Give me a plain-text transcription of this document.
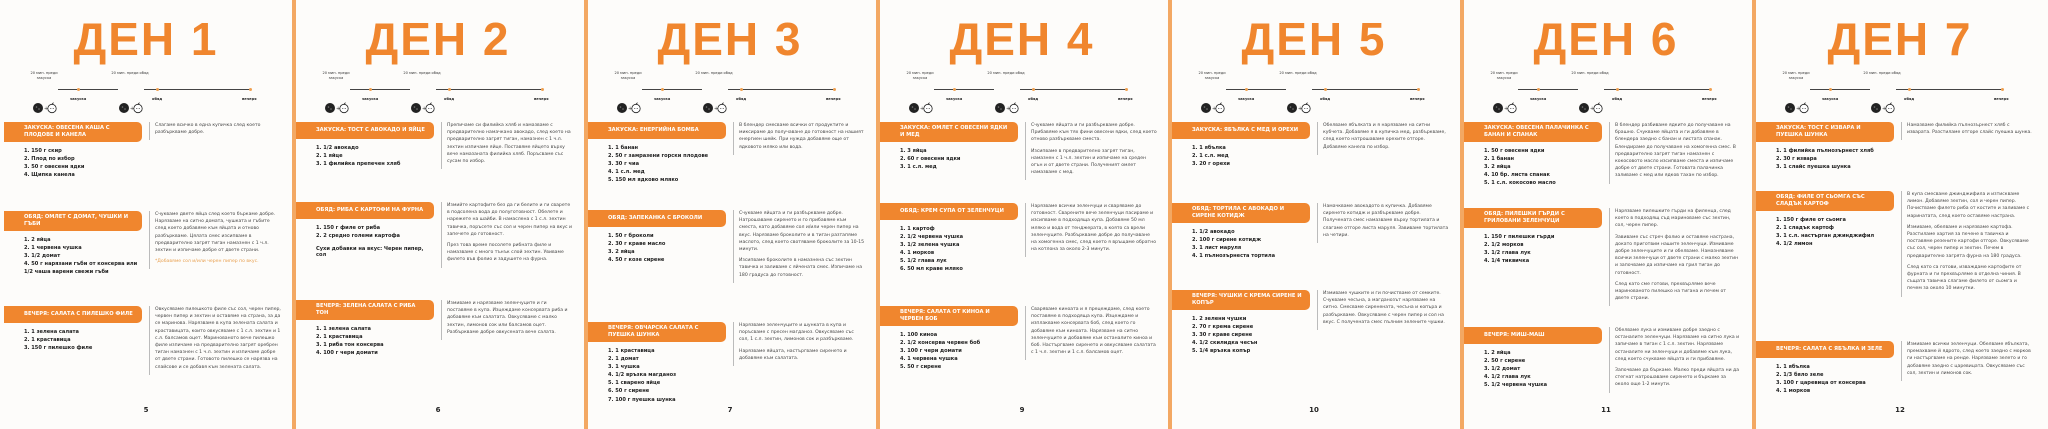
ДЕН 1
20 мин. преди закуска
20 мин. преди обяд
+	+
закуска	обяд	вечеря
ЗАКУСКА: ОВЕСЕНА КАША С ПЛОДОВЕ И КАНЕЛА
1. 150 г скир
2. Плод по избор
3. 50 г овесени ядки
4. Щипка канела

Слагаме всичко в една купичка след което разбъркваме добре.

ОБЯД: ОМЛЕТ С ДОМАТ, ЧУШКИ И ГЪБИ
1. 2 яйца
2. 1 червена чушка
3. 1/2 домат
4. 50 г нарязани гъби от консерва или 1/2 чаша варени свежи гъби

Счукваме двете яйца след което бъркаме добре. Нарязваме на ситно домата, чушката и гъбите след което добавяме към яйцата и отново разбъркваме. Цялата смес изсипваме в предварително загрят тиган намазнен с 1 ч.л. зехтин и изпичаме добре от двете страни.

*Добавяме сол и/или черен пипер по вкус.

ВЕЧЕРЯ: САЛАТА С ПИЛЕШКО ФИЛЕ
1. 1 зелена салата
2. 1 краставица
3. 150 г пилешко филе

Овкусяваме пилешкото филе със сол, черен пипер, червен пипер и зехтин и оставяме на страна, за да се маринова. Нарязваме в купа зелената салата и краставицата, които овкусяваме с 1 с.л. зехтин и 1 с.л. балсамов оцет. Маринованото вече пилешко филе изпичаме на предварително загрят оребрен тиган намазнен с 1 ч.л. зехтин и изпичаме добре от двете страни. Готовото пилешко се нарязва на слайсове и се добавя към зелената салата.

5
ДЕН 2
20 мин. преди закуска
20 мин. преди обяд
+	+
закуска	обяд	вечеря
ЗАКУСКА: ТОСТ С АВОКАДО И ЯЙЦЕ
1. 1/2 авокадо
2. 1 яйце
3. 1 филийка препечен хляб

Препичаме си филийка хляб и намазваме с предварително намачкано авокадо, след което на предварително загрят тиган, намазнен с 1 ч.л. зехтин изпичаме яйце. Поставяме яйцето върху вече намазаната филийка хляб. Поръсваме със сусам по избор.

ОБЯД: РИБА С КАРТОФИ НА ФУРНА
1. 150 г филе от риба
2. 2 средно големи картофа
Сухи добавки на вкус: Черен пипер, сол

Измийте картофите без да ги белите и ги сварете в подсолена вода до полуготовност. Обелете и нарежете на шайби. В намаслена с 1 с.л. зехтин тавичка, поръсете със сол и черен пипер на вкус и запечете до готовност.

През това време посолете рибната филе и намазваме с много тънък слой зехтин. Увиваме филето във фолио и задушете на фурна.

ВЕЧЕРЯ: ЗЕЛЕНА САЛАТА С РИБА ТОН
1. 1 зелена салата
2. 1 краставица
3. 1 риба тон консерва
4. 100 г чери домати

Измиваме и нарязваме зеленчуците и ги поставяме в купа. Изцеждаме консервата риба и добавяме към салатата. Овкусяваме с малко зехтин, лимонов сок или балсамов оцет. Разбъркваме добре овкусената вече салата.

6
ДЕН 3
20 мин. преди закуска
20 мин. преди обяд
+	+
закуска	обяд	вечеря
ЗАКУСКА: ЕНЕРГИЙНА БОМБА
1. 1 банан
2. 50 г замразени горски плодове
3. 30 г чиа
4. 1 с.л. мед
5. 150 мл ядково мляко

В блендер смесваме всички от продуктите и миксираме до получаване до готовност на нашият енергиен шейк. При нужда добавяме още от ядковото мляко или вода.

ОБЯД: ЗАПЕКАНКА С БРОКОЛИ
1. 50 г броколи
2. 30 г краве масло
3. 2 яйца
4. 50 г козе сирене

Счукваме яйцата и ги разбъркваме добре. Натрошаваме сиренето и го прибавяме към сместа, като добавяме сол и/или черен пипер на вкус. Нарязваме броколите и в тиган разтапяме маслото, след което свотяваме броколите за 10-15 минути.

Изсипваме броколите в намазнена със зехтин тавичка и заливаме с яйчената смес. Изпичаме на 180 градуса до готовност.

ВЕЧЕРЯ: ОВЧАРСКА САЛАТА С ПУЕШКА ШУНКА
1. 1 краставица
2. 1 домат
3. 1 чушка
4. 1/2 връзка магданоз
5. 1 сварено яйце
6. 50 г сирене
7. 100 г пуешка шунка

Нарязваме зеленчуците и шунката в купа и поръсваме с пресен магданоз. Овкусяваме със сол, 1 с.л. зехтин, лимонов сок и разбъркваме.

Нарязваме яйцата, настъргваме сиренето и добавяме към салатата.

7
ДЕН 4
20 мин. преди закуска
20 мин. преди обяд
+	+
закуска	обяд	вечеря
ЗАКУСКА: ОМЛЕТ С ОВЕСЕНИ ЯДКИ И МЕД
1. 3 яйца
2. 60 г овесени ядки
3. 1 с.л. мед

Счукваме яйцата и ги разбъркваме добре. Прибавяме към тях фини овесени ядки, след което отново разбъркваме сместа.

Изсипваме в предварително загрят тиган, намазнен с 1 ч.л. зехтин и изпичаме на среден огън и от двете страни. Полученият омлет намазваме с мед.

ОБЯД: КРЕМ СУПА ОТ ЗЕЛЕНЧУЦИ
1. 1 картоф
2. 1/2 червена чушка
3. 1/2 зелена чушка
4. 1 морков
5. 1/2 глава лук
6. 50 мл краве мляко

Нарязваме всички зеленчуци и сваряваме до готовност. Сварените вече зеленчуци пасираме и изсипваме в подходяща купа. Добавяме 50 мл мляко и вода от тенджерата, в която са врели зеленчуците. Разбъркваме добре до получаване на хомогенна смес, след което я връщаме обратно на котлона за около 2-3 минути.

ВЕЧЕРЯ: САЛАТА ОТ КИНОА И ЧЕРВЕН БОБ
1. 100 киноа
2. 1/2 консерва червен боб
3. 100 г чери домати
4. 1 червена чушка
5. 50 г сирене

Сваряваме киноата и я прецеждаме, след което поставяме в подходяща купа. Изцеждаме и изплакваме консервата боб, след което го добавяме към киноата. Нарязване на ситно зеленчуците и добавяме към останалите киноа и боб. Настъргваме сиренето и овкусяваме салатата с 1 ч.л. зехтин и 1 с.л. балсамов оцет.

9
ДЕН 5
20 мин. преди закуска
20 мин. преди обяд
+	+
закуска	обяд	вечеря
ЗАКУСКА: ЯБЪЛКА С МЕД И ОРЕХИ
1. 1 ябълка
2. 1 с.л. мед
3. 20 г орехи

Обелваме ябълката и я нарязваме на ситни кубчета. Добавяме я в купичка мед, разбъркваме, след което натрошаваме орехите отгоре. Добавяме канела по избор.

ОБЯД: ТОРТИЛА С АВОКАДО И СИРЕНЕ КОТИДЖ
1. 1/2 авокадо
2. 100 г сирене котидж
3. 1 лист маруля
4. 1 пълнозърнеста тортила

Намачкваме авокадото в купичка. Добавяме сиренето котидж и разбъркваме добре. Получената смес намазваме върху тортилата и слагаме отгоре листа маруля. Завиваме тортилата на четири.

ВЕЧЕРЯ: ЧУШКИ С КРЕМА СИРЕНЕ И КОПЪР
1. 2 зелени чушки
2. 70 г крема сирене
3. 30 г краве сирене
4. 1/2 скилидка чесън
5. 1/4 връзка копър

Измиваме чушките и ги почистваме от семките. Счукваме чесъна, а магданозът нарязваме на ситно. Смесваме сиренената, чесъна и копъра и разбъркваме. Овкусяваме с черен пипер и сол на вкус. С получената смес пълним зелените чушки.

10
ДЕН 6
20 мин. преди закуска
20 мин. преди обяд
+	+
закуска	обяд	вечеря
ЗАКУСКА: ОВЕСЕНА ПАЛАЧИНКА С БАНАН И СПАНАК
1. 50 г овесени ядки
2. 1 банан
3. 2 яйца
4. 10 бр. листа спанак
5. 1 с.л. кокосово масло

В блендер разбиваме ядките до получаване на брашно. Счукваме яйцата и ги добавяме в блендера заедно с банан и листата спанак. Блендираме до получаване на хомогенна смес. В предварително загрят тиган намазнен с кокосовото масло изсипваме сместа и изпичаме добре от двете страни. Готовата палачинка заливаме с мед или ядков тахан по избор.

ОБЯД: ПИЛЕШКИ ГЪРДИ С ГРИЛОВАНИ ЗЕЛЕНЧУЦИ
1. 150 г пилешки гърди
2. 1/2 морков
3. 1/2 глава лук
4. 1/4 тиквичка

Нарязваме пилешките гърди на филенца, след което в подходящ съд мариноваме със зехтин, сол, черен пипер.

Завиваме със стреч фолио и оставяме настрана, докато приготвим нашите зеленчуци. Измиваме добре зеленчуците и ги обелваме. Намазняваме всички зеленчуци от двете страни с малко зехтин и започваме да изпичаме на грил тиган до готовност.

След като сме готови, прехвърляме вече маринованото пилешко на тигана и печем от двете страни.

ВЕЧЕРЯ: МИШ-МАШ
1. 2 яйца
2. 50 г сирене
3. 1/2 домат
4. 1/2 глава лук
5. 1/2 червена чушка

Обелваме лука и измиваме добре заедно с останалите зеленчуци. Нарязваме на ситно лука и запичаме в тиган с 1 с.л. зехтин. Нарязваме останалите ни зеленчуци и добавяме към лука, след което счукваме яйцата и ги прибавяме.

Започваме да бъркаме. Малко преди яйцата ни да стегнат натрошаваме сиренето и бъркаме за около още 1-2 минути.

11
ДЕН 7
20 мин. преди закуска
20 мин. преди обяд
+	+
закуска	обяд	вечеря
ЗАКУСКА: ТОСТ С ИЗВАРА И ПУЕШКА ШУНКА
1. 1 филийка пълнозърнест хляб
2. 30 г извара
3. 1 слайс пуешка шунка

Намазваме филийка пълнозърнест хляб с изварата. Разстиламе отгоре слайс пуешка шунка.

ОБЯД: ФИЛЕ ОТ СЬОМГА СЪС СЛАДЪК КАРТОФ
1. 150 г филе от сьомга
2. 1 сладък картоф
3. 1 с.л. настърган джинджифил
4. 1/2 лимон

В купа смесваме джинджифила и изтискваме лимон. Добавяме зехтин, сол и черен пипер. Почистваме филето риба от костите и заливаме с маринатата, след което оставяме настрана.

Измиваме, обелваме и нарязваме картофа. Разстиламе хартия за печене в тавичка и поставяме резените картофи отгоре. Овкусяваме със сол, черен пипер и зехтин. Печем в предварително загрята фурна на 180 градуса.

След като са готови, изваждаме картофите от фурната и ги прехвърляме в отделна чиния. В същата тавичка слагаме филето от сьомга и печем за около 10 минутки.

ВЕЧЕРЯ: САЛАТА С ЯБЪЛКА И ЗЕЛЕ
1. 1 ябълка
2. 1/3 бяло зеле
3. 100 г царевица от консерва
4. 1 морков

Измиваме всички зеленчуци. Обелваме ябълката, премахваме й ядрото, след което заедно с морков ги настъргваме на ренде. Нарязваме зелето и го добавяме заедно с царевицата. Овкусяваме със сол, зехтин и лимонов сок.

12
